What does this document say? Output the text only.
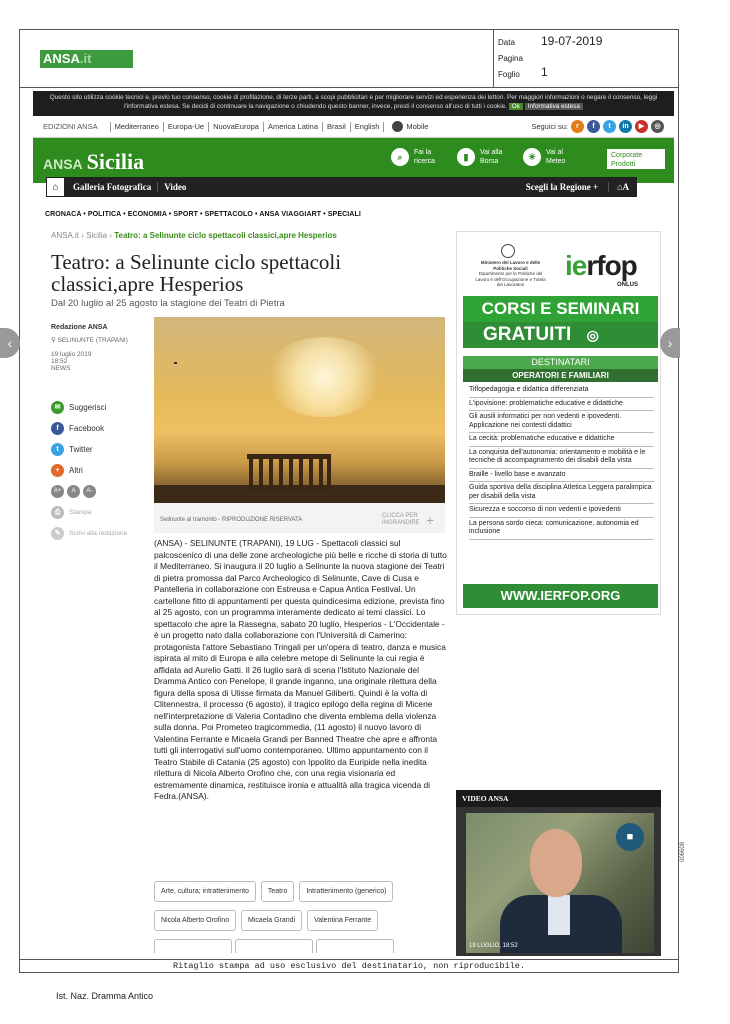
ANSA.it
Data 19-07-2019
Pagina
Foglio 1
Questo sito utilizza cookie tecnici e, previo tuo consenso, cookie di profilazione, di terze parti, a scopi pubblicitari e per migliorare servizi ed esperienza dei lettori. Per maggiori informazioni o negare il consenso, leggi l'informativa estesa. Se decidi di continuare la navigazione o chiudendo questo banner, invece, presti il consenso all'uso di tutti i cookie. Ok Informativa estesa
EDIZIONI ANSA Mediterraneo Europa-Ue NuovaEuropa America Latina Brasil English	Mobile	Seguici su:	r	f	t	in	▶	◎
ANSA Sicilia	⌕	Fai la ricerca	▮	Vai alla Borsa	☀	Vai al Meteo
Corporate Prodotti
⌂	Galleria Fotografica	Video	Scegli la Regione +	⌂A
CRONACA • POLITICA • ECONOMIA • SPORT • SPETTACOLO • ANSA VIAGGIART • SPECIALI
ANSA.it › Sicilia › Teatro: a Selinunte ciclo spettacoli classici,apre Hesperios
Teatro: a Selinunte ciclo spettacoli classici,apre Hesperios
Dal 20 luglio al 25 agosto la stagione dei Teatri di Pietra
Redazione ANSA
⚲ SELINUNTE (TRAPANI)
19 luglio 2019
18:52
NEWS
✉	Suggerisci
f	Facebook
t	Twitter
+	Altri
A+	A	A-
⎙	Stampa
✎	Scrivi alla redazione
Selinunte al tramonto - RIPRODUZIONE RISERVATA
CLICCA PER INGRANDIRE +
(ANSA) - SELINUNTE (TRAPANI), 19 LUG - Spettacoli classici sul palcoscenico di una delle zone archeologiche più belle e ricche di storia di tutto il Mediterraneo. Si inaugura il 20 luglio a Selinunte la nuova stagione dei Teatri di pietra promossa dal Parco Archeologico di Selinunte, Cave di Cusa e Pantelleria in collaborazione con Estreusa e Capua Antica Festival. Un cartellone fitto di appuntamenti per questa quindicesima edizione, prevista fino al 25 agosto, con un programma interamente dedicato ai temi classici. Lo spettacolo che apre la Rassegna, sabato 20 luglio, Hesperios - L'Occidentale - è un progetto nato dalla collaborazione con l'Università di Camerino: protagonista l'attore Sebastiano Tringali per un'opera di teatro, danza e musica ispirata al mito di Europa e alla celebre metope di Selinunte la cui regia è affidata ad Aurelio Gatti. Il 26 luglio sarà di scena l'Istituto Nazionale del Dramma Antico con Penelope, il grande inganno, una originale rilettura della figura della sposa di Ulisse firmata da Manuel Giliberti. Quindi è la volta di Clitennestra, il processo (6 agosto), il tragico epilogo della regina di Micene nell'interpretazione di Valeria Contadino che diventa emblema della violenza sulla donna. Poi Prometeo tragicommedia, (11 agosto) il nuovo lavoro di Valentina Ferrante e Micaela Grandi per Banned Theatre che apre e affronta tutti gli interrogativi sull'uomo contemporaneo. Ultimo appuntamento con il Teatro Stabile di Catania (25 agosto) con Ippolito da Euripide nella inedita rilettura di Nicola Alberto Orofino che, con una regia visionaria ed estremamente dinamica, restituisce ironia e attualità alla tragica vicenda di Fedra.(ANSA).
Arte, cultura; intrattenimento	Teatro	Intrattenimento (generico) Nicola Alberto Orofino	Micaela Grandi	Valentina Ferrante
Ministero del Lavoro e delle Politiche Sociali
Dipartimento per le Politiche del Lavoro e dell'Occupazione e Tutela dei Lavoratori
ierfop
ONLUS
CORSI E SEMINARI
GRATUITI ◎
DESTINATARI
OPERATORI E FAMILIARI
Tiflopedagogia e didattica differenziata
L'ipovisione: problematiche educative e didattiche
Gli ausili informatici per non vedenti e ipovedenti. Applicazione nei contesti didattici
La cecità: problematiche educative e didattiche
La conquista dell'autonomia: orientamento e mobilità e le tecniche di accompagnamento dei disabili della vista
Braille - livello base e avanzato
Guida sportiva della disciplina Atletica Leggera paralimpica per disabili della vista
Sicurezza e soccorso di non vedenti e ipovedenti
La persona sordo cieca: comunicazione, autonomia ed inclusione
WWW.IERFOP.ORG
VIDEO ANSA
■
19 LUGLIO, 18:52
‹	›
006608
Ritaglio stampa ad uso esclusivo del destinatario, non riproducibile.
Ist. Naz. Dramma Antico
